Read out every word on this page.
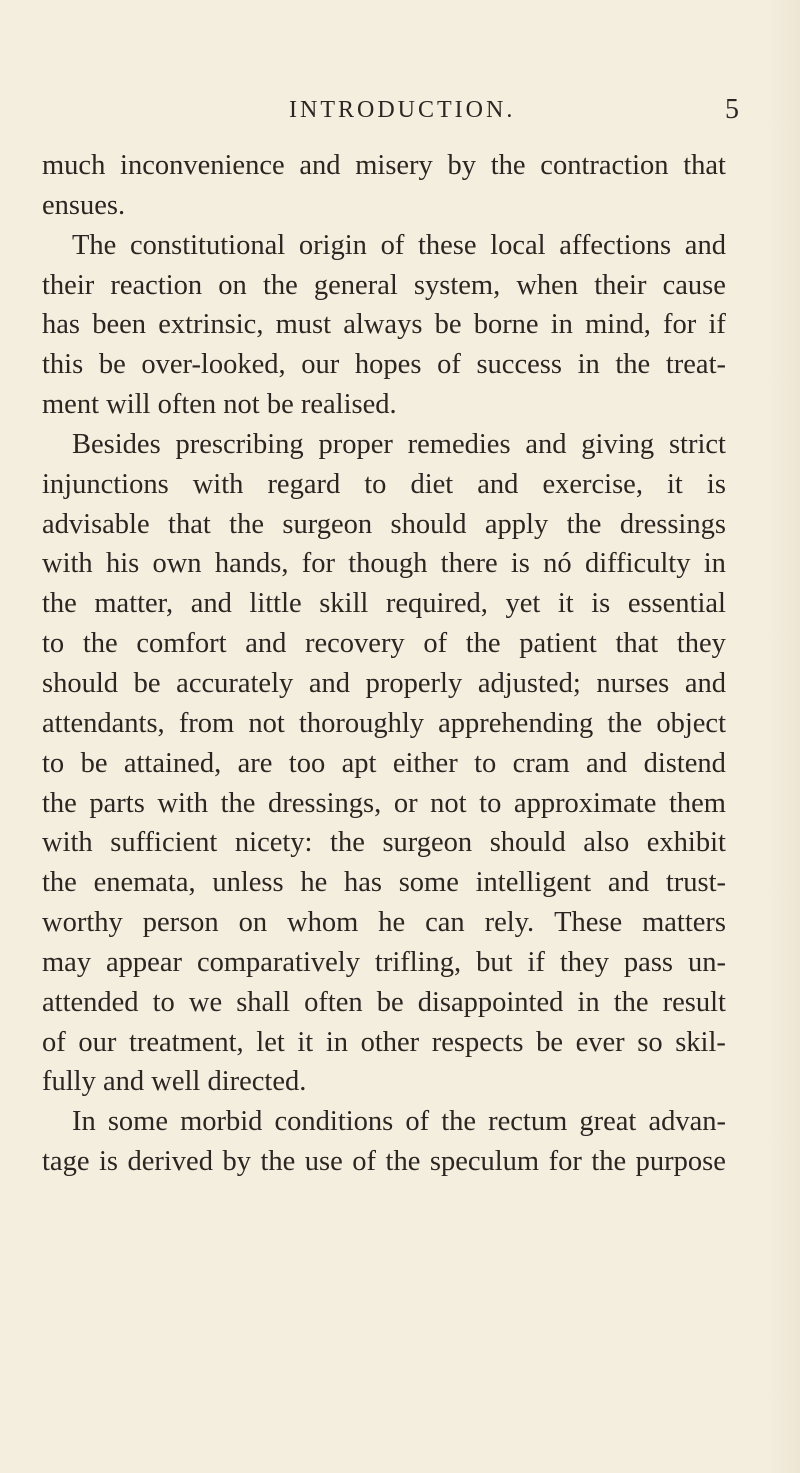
INTRODUCTION.	5
much inconvenience and misery by the contraction that
ensues.
The constitutional origin of these local affections and
their reaction on the general system, when their cause
has been extrinsic, must always be borne in mind, for if
this be over-looked, our hopes of success in the treat-
ment will often not be realised.
Besides prescribing proper remedies and giving strict
injunctions with regard to diet and exercise, it is
advisable that the surgeon should apply the dressings
with his own hands, for though there is nó difficulty in
the matter, and little skill required, yet it is essential
to the comfort and recovery of the patient that they
should be accurately and properly adjusted; nurses and
attendants, from not thoroughly apprehending the object
to be attained, are too apt either to cram and distend
the parts with the dressings, or not to approximate them
with sufficient nicety: the surgeon should also exhibit
the enemata, unless he has some intelligent and trust-
worthy person on whom he can rely. These matters
may appear comparatively trifling, but if they pass un-
attended to we shall often be disappointed in the result
of our treatment, let it in other respects be ever so skil-
fully and well directed.
In some morbid conditions of the rectum great advan-
tage is derived by the use of the speculum for the purpose
